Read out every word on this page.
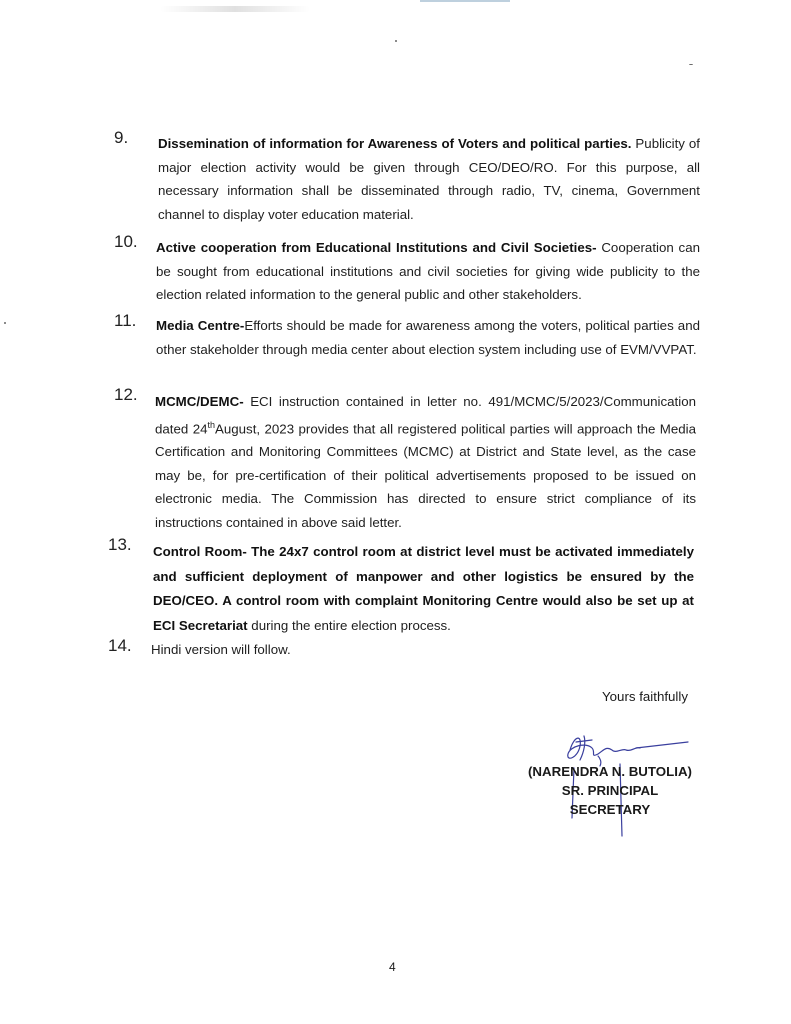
9. Dissemination of information for Awareness of Voters and political parties. Publicity of major election activity would be given through CEO/DEO/RO. For this purpose, all necessary information shall be disseminated through radio, TV, cinema, Government channel to display voter education material.
10. Active cooperation from Educational Institutions and Civil Societies- Cooperation can be sought from educational institutions and civil societies for giving wide publicity to the election related information to the general public and other stakeholders.
11. Media Centre-Efforts should be made for awareness among the voters, political parties and other stakeholder through media center about election system including use of EVM/VVPAT.
12. MCMC/DEMC- ECI instruction contained in letter no. 491/MCMC/5/2023/Communication dated 24thAugust, 2023 provides that all registered political parties will approach the Media Certification and Monitoring Committees (MCMC) at District and State level, as the case may be, for pre-certification of their political advertisements proposed to be issued on electronic media. The Commission has directed to ensure strict compliance of its instructions contained in above said letter.
13. Control Room- The 24x7 control room at district level must be activated immediately and sufficient deployment of manpower and other logistics be ensured by the DEO/CEO. A control room with complaint Monitoring Centre would also be set up at ECI Secretariat during the entire election process.
14. Hindi version will follow.
Yours faithfully
(NARENDRA N. BUTOLIA)
SR. PRINCIPAL SECRETARY
4
